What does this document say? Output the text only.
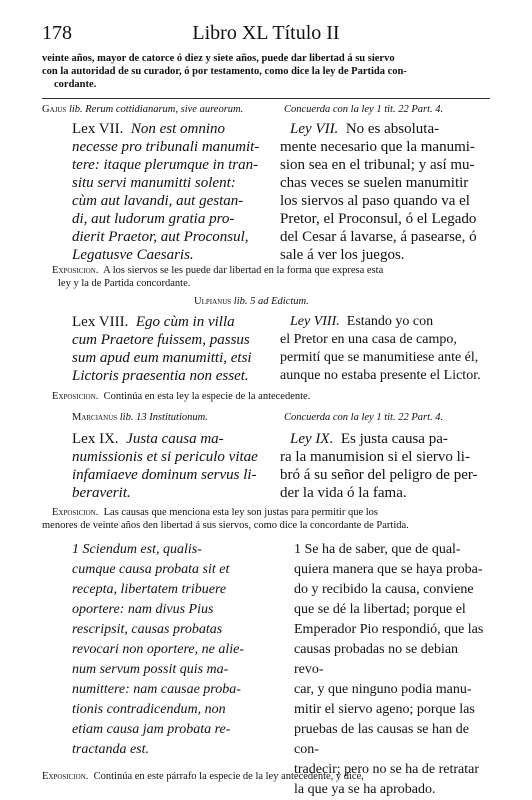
178	Libro XL Título II
veinte años, mayor de catorce ó diez y siete años, puede dar libertad á su siervo
con la autoridad de su curador, ó por testamento, como dice la ley de Partida con-
cordante.
Gajus lib. Rerum cottidianarum, sive aureorum.	Concuerda con la ley 1 tit. 22 Part. 4.
Lex VII. Non est omnino
necesse pro tribunali manumit-
tere: itaque plerumque in tran-
situ servi manumitti solent:
cùm aut lavandi, aut gestan-
di, aut ludorum gratia pro-
dierit Praetor, aut Proconsul,
Legatusve Caesaris.
Ley VII. No es absoluta-
mente necesario que la manumi-
sion sea en el tribunal; y así mu-
chas veces se suelen manumitir
los siervos al paso quando va el
Pretor, el Proconsul, ó el Legado
del Cesar á lavarse, á pasearse, ó
sale á ver los juegos.
Exposicion. A los siervos se les puede dar libertad en la forma que expresa esta
ley y la de Partida concordante.
Ulpianus lib. 5 ad Edictum.
Lex VIII. Ego cùm in villa
cum Praetore fuissem, passus
sum apud eum manumitti, etsi
Lictoris praesentia non esset.
Ley VIII. Estando yo con
el Pretor en una casa de campo,
permití que se manumitiese ante él,
aunque no estaba presente el Lictor.
Exposicion. Continúa en esta ley la especie de la antecedente.
Marcianus lib. 13 Institutionum.	Concuerda con la ley 1 tit. 22 Part. 4.
Lex IX. Justa causa ma-
numissionis et si periculo vitae
infamiaeve dominum servus li-
beraverit.
Ley IX. Es justa causa pa-
ra la manumision si el siervo li-
bró á su señor del peligro de per-
der la vida ó la fama.
Exposicion. Las causas que menciona esta ley son justas para permitir que los
menores de veinte años den libertad á sus siervos, como dice la concordante de Partida.
1 Sciendum est, qualis-
cumque causa probata sit et
recepta, libertatem tribuere
oportere: nam divus Pius
rescripsit, causas probatas
revocari non oportere, ne alie-
num servum possit quis ma-
numittere: nam causae proba-
tionis contradicendum, non
etiam causa jam probata re-
tractanda est.
1 Se ha de saber, que de qual-
quiera manera que se haya proba-
do y recibido la causa, conviene
que se dé la libertad; porque el
Emperador Pio respondió, que las
causas probadas no se debian revo-
car, y que ninguno podia manu-
mitir el siervo ageno; porque las
pruebas de las causas se han de con-
tradecir; pero no se ha de retratar
la que ya se ha aprobado.
Exposicion. Continúa en este párrafo la especie de la ley antecedente, y dice,
